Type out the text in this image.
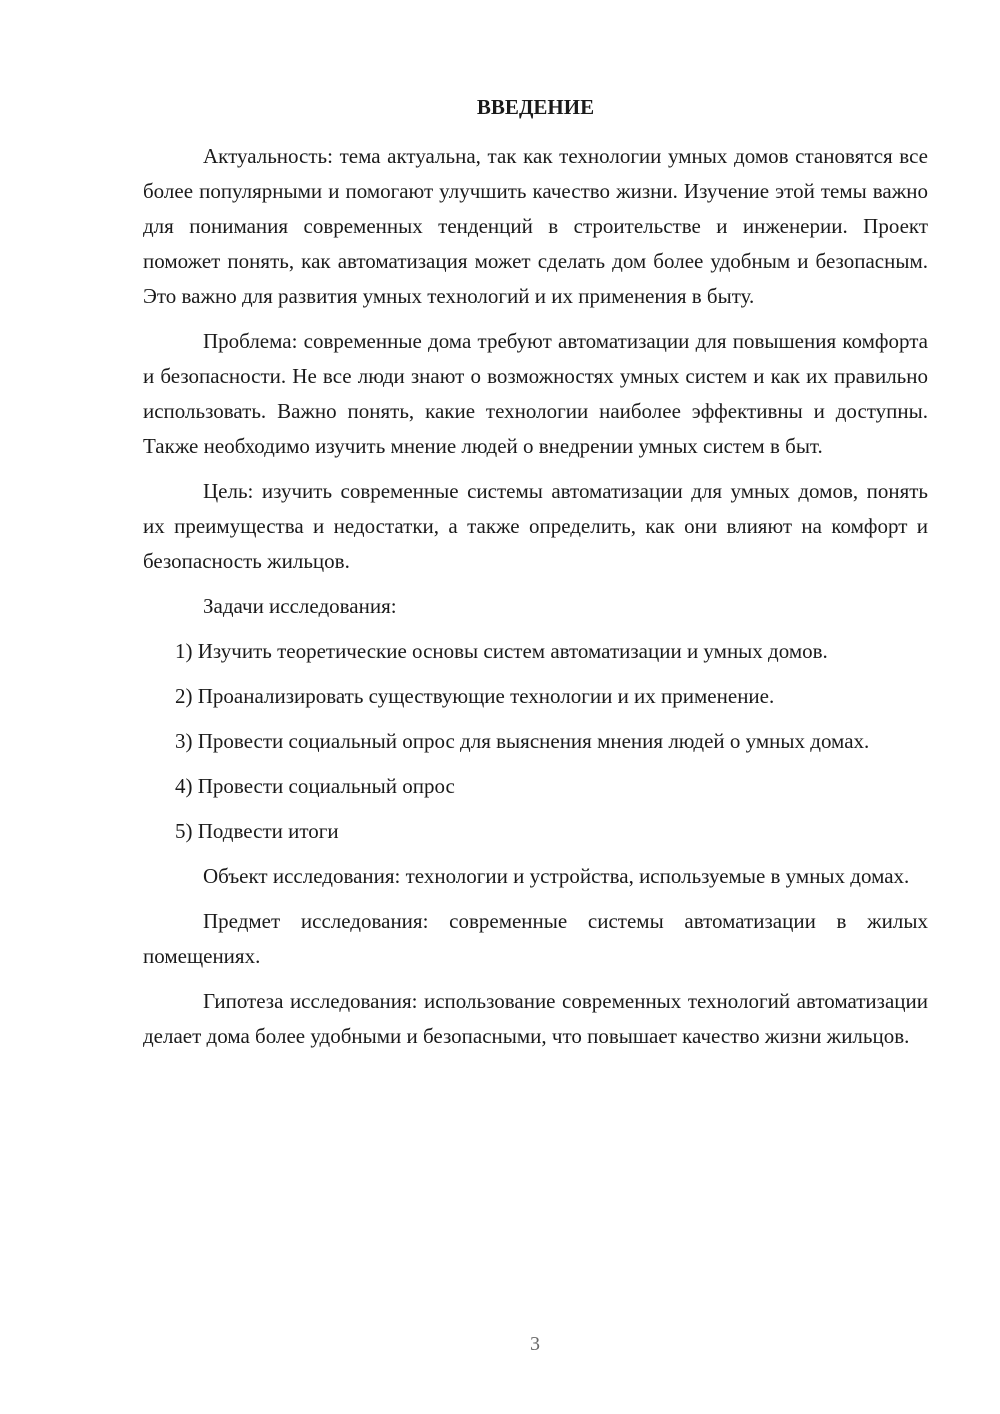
ВВЕДЕНИЕ

Актуальность: тема актуальна, так как технологии умных домов становятся все более популярными и помогают улучшить качество жизни. Изучение этой темы важно для понимания современных тенденций в строительстве и инженерии. Проект поможет понять, как автоматизация может сделать дом более удобным и безопасным. Это важно для развития умных технологий и их применения в быту.

Проблема: современные дома требуют автоматизации для повышения комфорта и безопасности. Не все люди знают о возможностях умных систем и как их правильно использовать. Важно понять, какие технологии наиболее эффективны и доступны. Также необходимо изучить мнение людей о внедрении умных систем в быт.

Цель: изучить современные системы автоматизации для умных домов, понять их преимущества и недостатки, а также определить, как они влияют на комфорт и безопасность жильцов.

Задачи исследования:

1) Изучить теоретические основы систем автоматизации и умных домов.

2) Проанализировать существующие технологии и их применение.

3) Провести социальный опрос для выяснения мнения людей о умных домах.

4) Провести социальный опрос

5) Подвести итоги

Объект исследования: технологии и устройства, используемые в умных домах.

Предмет исследования: современные системы автоматизации в жилых помещениях.

Гипотеза исследования: использование современных технологий автоматизации делает дома более удобными и безопасными, что повышает качество жизни жильцов.

3
